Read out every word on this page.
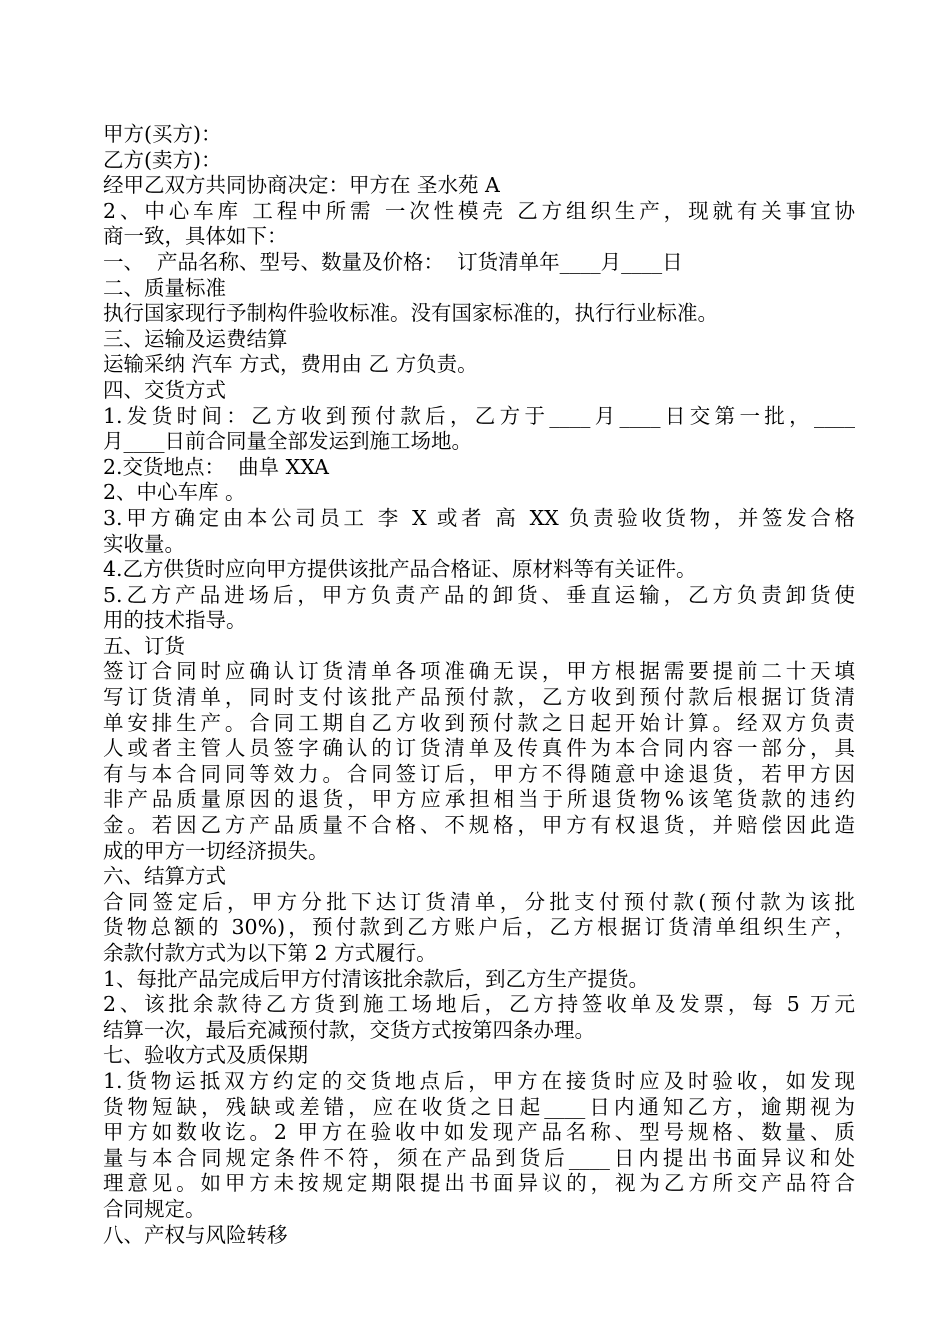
甲方(买方)：
乙方(卖方)：
经甲乙双方共同协商决定：甲方在 圣水苑 A
2、中心车库 工程中所需 一次性模壳 乙方组织生产，现就有关事宜协
商一致，具体如下：
一、  产品名称、型号、数量及价格：  订货清单年____月____日
二、质量标准
执行国家现行予制构件验收标准。没有国家标准的，执行行业标准。
三、运输及运费结算
运输采纳 汽车 方式，费用由 乙 方负责。
四、交货方式
1.发货时间：乙方收到预付款后，乙方于____月____日交第一批，____
月____日前合同量全部发运到施工场地。
2.交货地点：  曲阜 XXA
2、中心车库 。
3.甲方确定由本公司员工 李 X 或者 高 XX 负责验收货物，并签发合格
实收量。
4.乙方供货时应向甲方提供该批产品合格证、原材料等有关证件。
5.乙方产品进场后，甲方负责产品的卸货、垂直运输，乙方负责卸货使
用的技术指导。
五、订货
签订合同时应确认订货清单各项准确无误，甲方根据需要提前二十天填
写订货清单，同时支付该批产品预付款，乙方收到预付款后根据订货清
单安排生产。合同工期自乙方收到预付款之日起开始计算。经双方负责
人或者主管人员签字确认的订货清单及传真件为本合同内容一部分，具
有与本合同同等效力。合同签订后，甲方不得随意中途退货，若甲方因
非产品质量原因的退货，甲方应承担相当于所退货物%该笔货款的违约
金。若因乙方产品质量不合格、不规格，甲方有权退货，并赔偿因此造
成的甲方一切经济损失。
六、结算方式
合同签定后，甲方分批下达订货清单，分批支付预付款(预付款为该批
货物总额的 30%)，预付款到乙方账户后，乙方根据订货清单组织生产，
余款付款方式为以下第 2 方式履行。
1、每批产品完成后甲方付清该批余款后，到乙方生产提货。
2、该批余款待乙方货到施工场地后，乙方持签收单及发票，每 5 万元
结算一次，最后充减预付款，交货方式按第四条办理。
七、验收方式及质保期
1.货物运抵双方约定的交货地点后，甲方在接货时应及时验收，如发现
货物短缺，残缺或差错，应在收货之日起____日内通知乙方，逾期视为
甲方如数收讫。2 甲方在验收中如发现产品名称、型号规格、数量、质
量与本合同规定条件不符，须在产品到货后____日内提出书面异议和处
理意见。如甲方未按规定期限提出书面异议的，视为乙方所交产品符合
合同规定。
八、产权与风险转移
